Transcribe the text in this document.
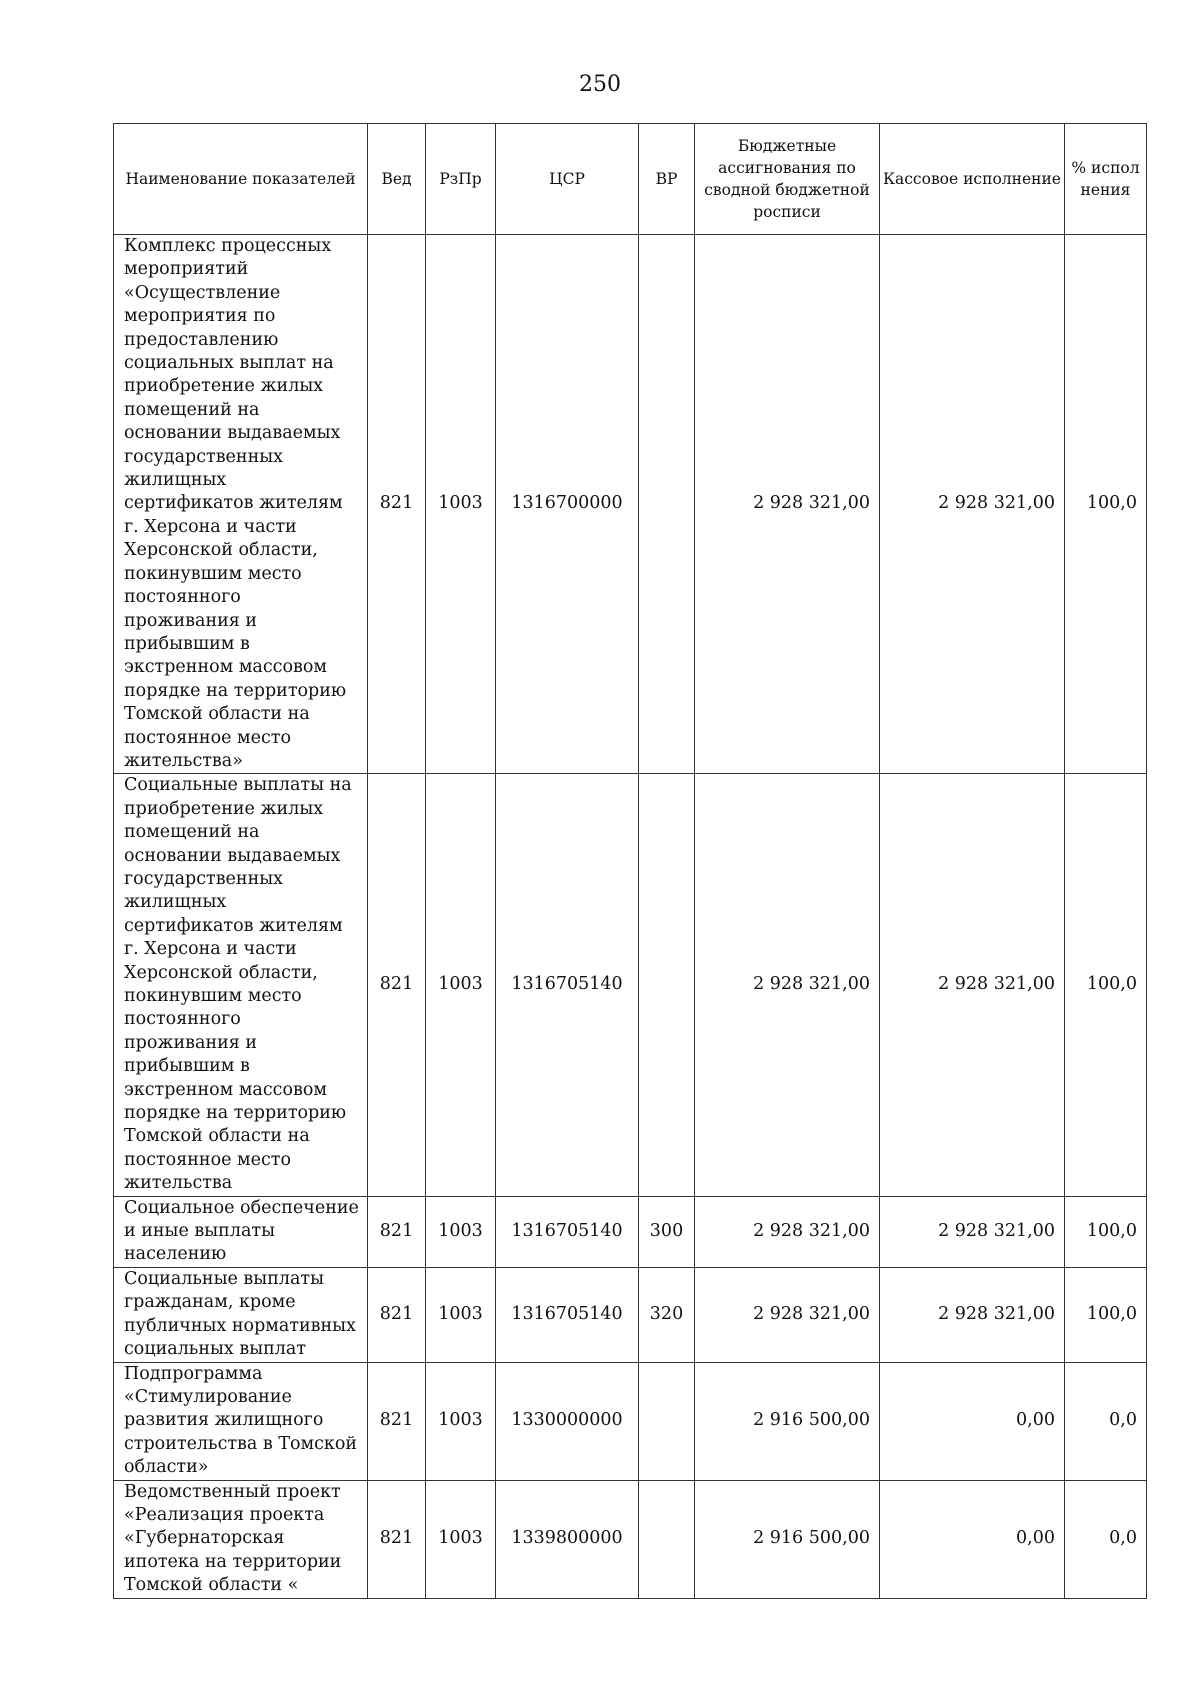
250
Наименование показателей	Вед	РзПр	ЦСР	ВР	Бюджетные ассигнования по сводной бюджетной росписи	Кассовое исполнение	% испол нения
Комплекс процессных мероприятий «Осуществление мероприятия по предоставлению социальных выплат на приобретение жилых помещений на основании выдаваемых государственных жилищных сертификатов жителям г. Херсона и части Херсонской области, покинувшим место постоянного проживания и прибывшим в экстренном массовом порядке на территорию Томской области на постоянное место жительства»	821	1003	1316700000		2 928 321,00	2 928 321,00	100,0
Социальные выплаты на приобретение жилых помещений на основании выдаваемых государственных жилищных сертификатов жителям г. Херсона и части Херсонской области, покинувшим место постоянного проживания и прибывшим в экстренном массовом порядке на территорию Томской области на постоянное место жительства	821	1003	1316705140		2 928 321,00	2 928 321,00	100,0
Социальное обеспечение и иные выплаты населению	821	1003	1316705140	300	2 928 321,00	2 928 321,00	100,0
Социальные выплаты гражданам, кроме публичных нормативных социальных выплат	821	1003	1316705140	320	2 928 321,00	2 928 321,00	100,0
Подпрограмма «Стимулирование развития жилищного строительства в Томской области»	821	1003	1330000000		2 916 500,00	0,00	0,0
Ведомственный проект «Реализация проекта «Губернаторская ипотека на территории Томской области «	821	1003	1339800000		2 916 500,00	0,00	0,0
